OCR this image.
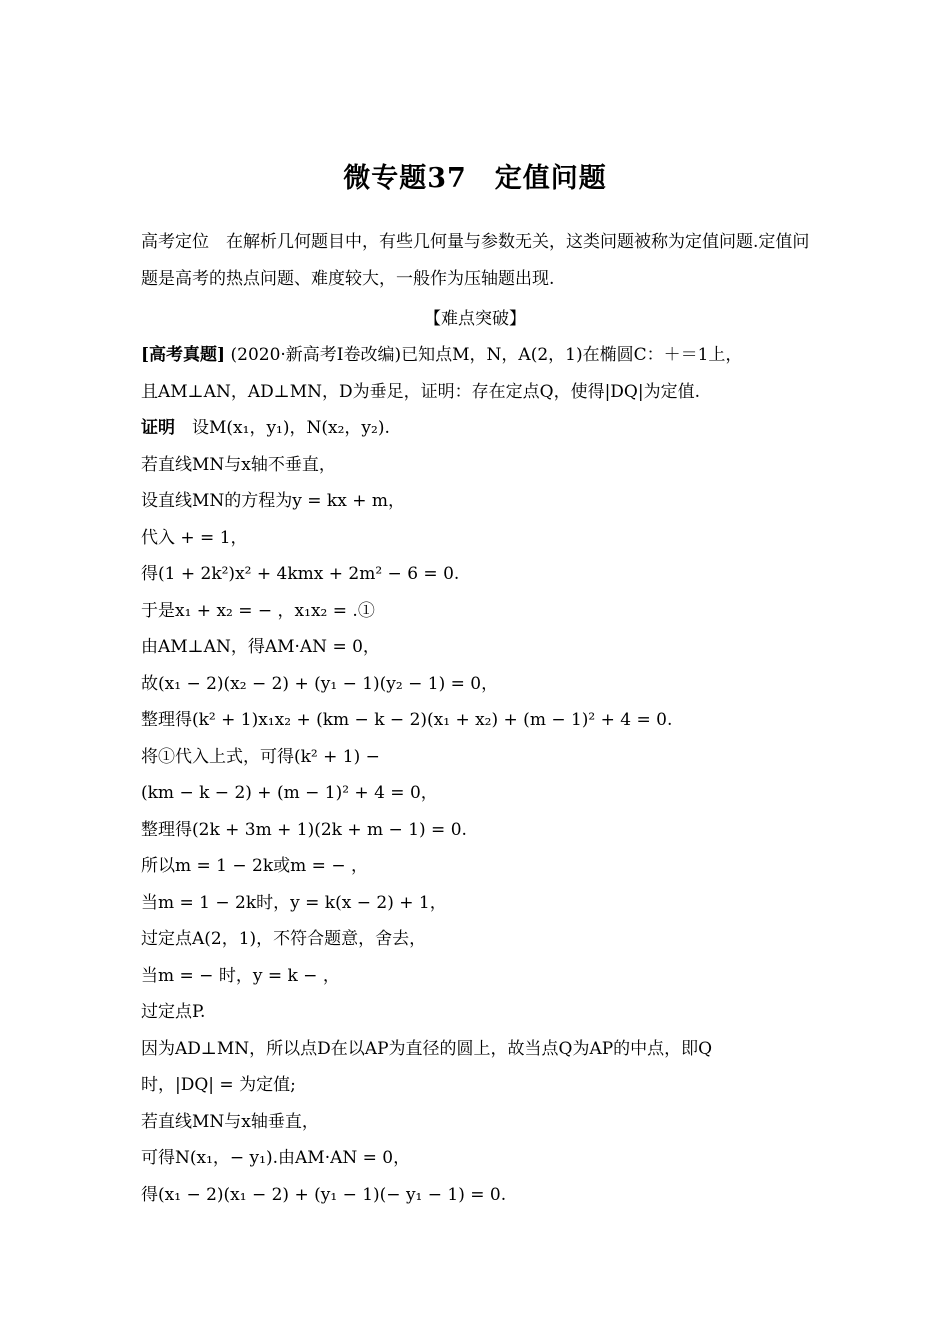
微专题37　定值问题
高考定位　在解析几何题目中，有些几何量与参数无关，这类问题被称为定值问题.定值问题是高考的热点问题、难度较大，一般作为压轴题出现.
【难点突破】
[高考真题] (2020·新高考Ⅰ卷改编)已知点M，N，A(2，1)在椭圆C：＋＝1上，
且AM⊥AN，AD⊥MN，D为垂足，证明：存在定点Q，使得|DQ|为定值.
证明　设M(x₁，y₁)，N(x₂，y₂).
若直线MN与x轴不垂直，
设直线MN的方程为y = kx + m，
代入 + = 1，
得(1 + 2k²)x² + 4kmx + 2m² − 6 = 0.
于是x₁ + x₂ = − ，x₁x₂ = .①
由AM⊥AN，得AM·AN = 0，
故(x₁ − 2)(x₂ − 2) + (y₁ − 1)(y₂ − 1) = 0，
整理得(k² + 1)x₁x₂ + (km − k − 2)(x₁ + x₂) + (m − 1)² + 4 = 0.
将①代入上式，可得(k² + 1) −
(km − k − 2) + (m − 1)² + 4 = 0，
整理得(2k + 3m + 1)(2k + m − 1) = 0.
所以m = 1 − 2k或m = − ，
当m = 1 − 2k时，y = k(x − 2) + 1，
过定点A(2，1)，不符合题意，舍去，
当m = − 时，y = k − ，
过定点P.
因为AD⊥MN，所以点D在以AP为直径的圆上，故当点Q为AP的中点，即Q
时，|DQ| = 为定值;
若直线MN与x轴垂直，
可得N(x₁，− y₁).由AM·AN = 0，
得(x₁ − 2)(x₁ − 2) + (y₁ − 1)(− y₁ − 1) = 0.
